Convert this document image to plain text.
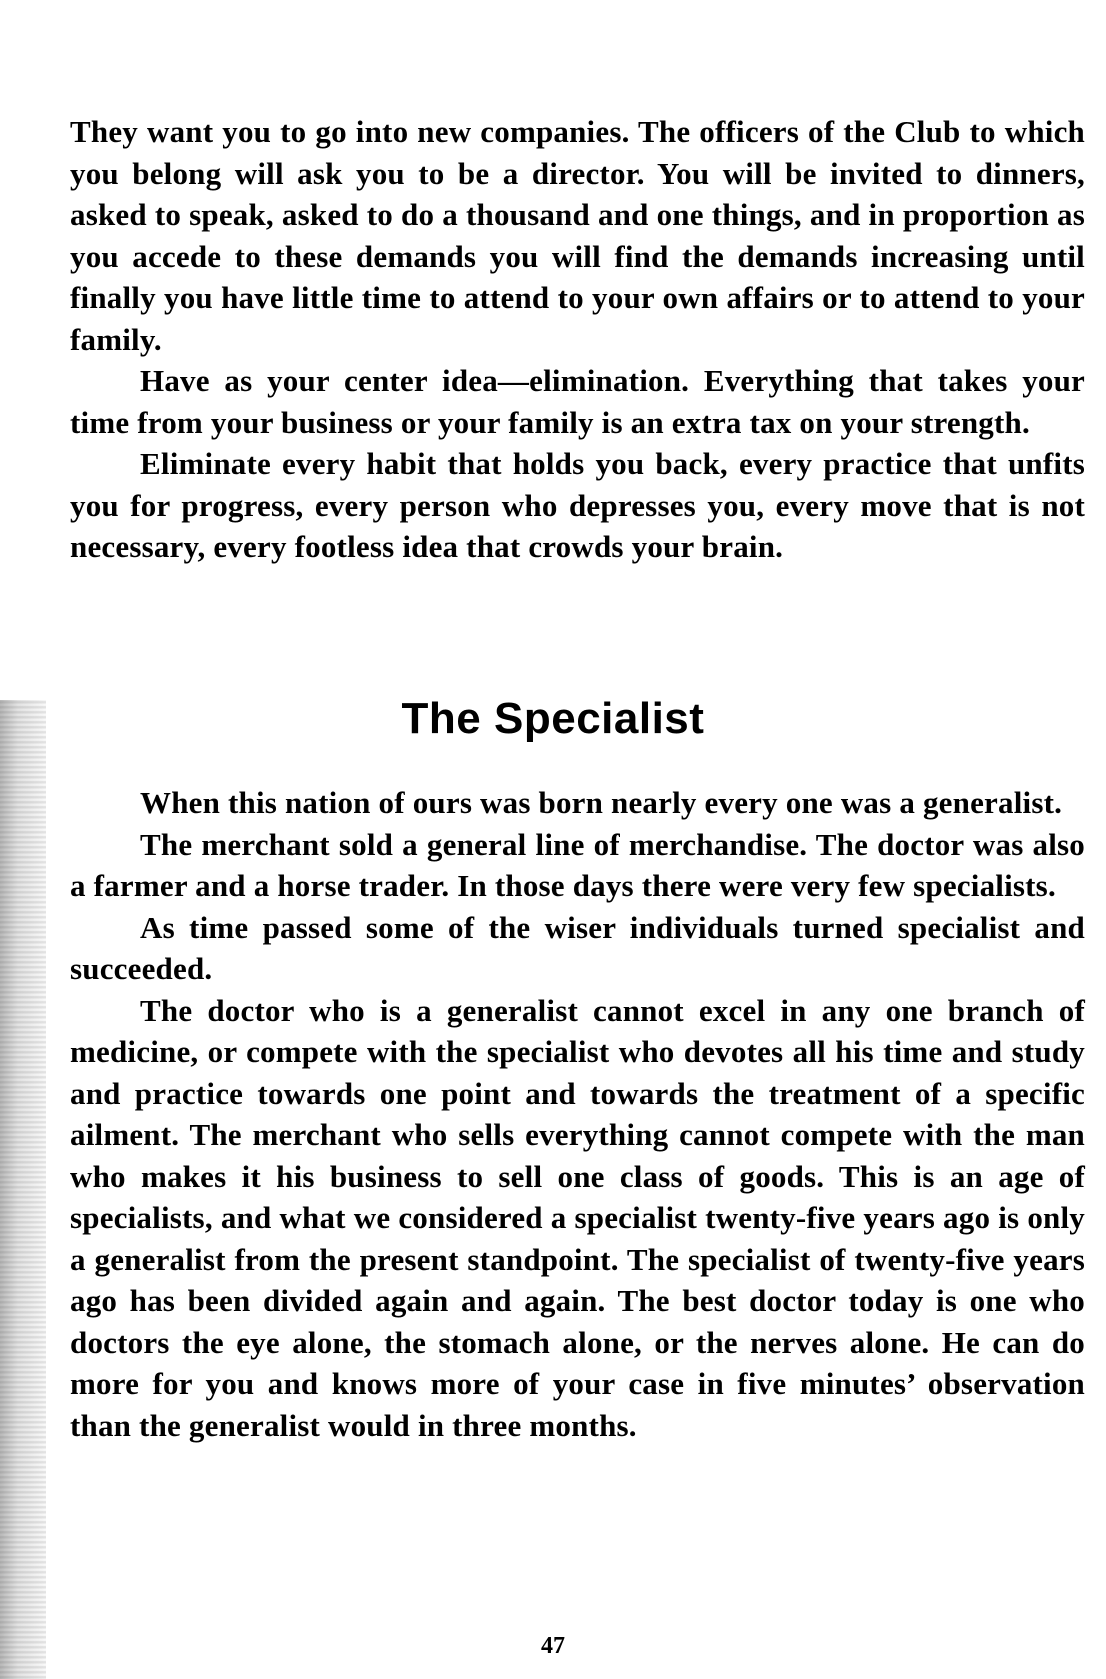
They want you to go into new companies. The officers of the Club to which you belong will ask you to be a director. You will be invited to dinners, asked to speak, asked to do a thousand and one things, and in proportion as you accede to these demands you will find the demands increasing until finally you have little time to attend to your own affairs or to attend to your family.

Have as your center idea—elimination. Everything that takes your time from your business or your family is an extra tax on your strength.

Eliminate every habit that holds you back, every practice that unfits you for progress, every person who depresses you, every move that is not necessary, every footless idea that crowds your brain.

The Specialist

When this nation of ours was born nearly every one was a generalist.

The merchant sold a general line of merchandise. The doctor was also a farmer and a horse trader. In those days there were very few specialists.

As time passed some of the wiser individuals turned specialist and succeeded.

The doctor who is a generalist cannot excel in any one branch of medicine, or compete with the specialist who devotes all his time and study and practice towards one point and towards the treatment of a specific ailment. The merchant who sells everything cannot compete with the man who makes it his business to sell one class of goods. This is an age of specialists, and what we considered a specialist twenty-five years ago is only a generalist from the present standpoint. The specialist of twenty-five years ago has been divided again and again. The best doctor today is one who doctors the eye alone, the stomach alone, or the nerves alone. He can do more for you and knows more of your case in five minutes’ observation than the generalist would in three months.

47
